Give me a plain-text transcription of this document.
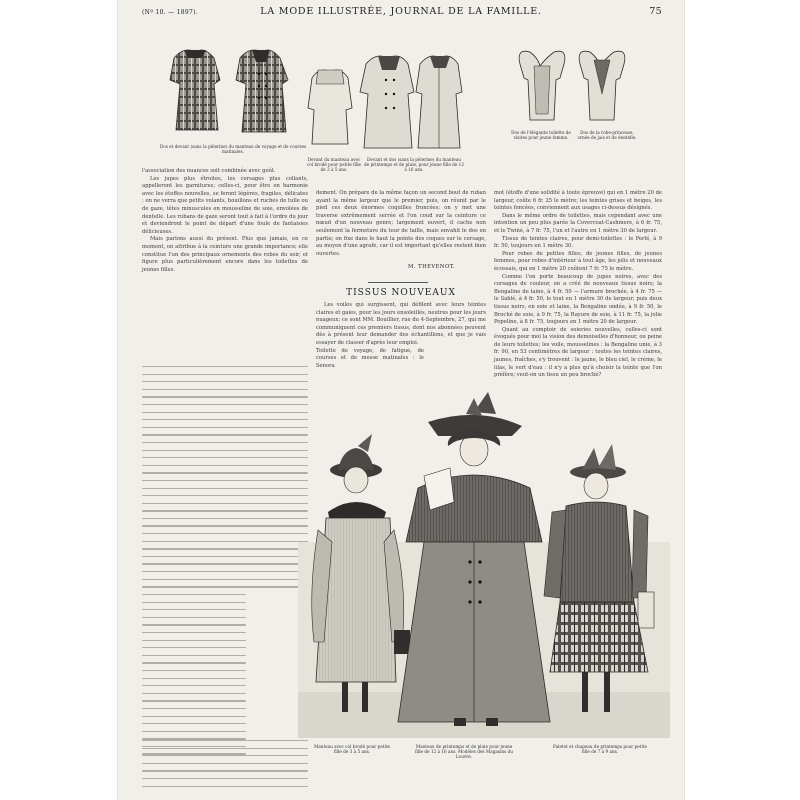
(Nº 10. — 1897).	LA MODE ILLUSTRÉE, JOURNAL DE LA FAMILLE.	75
Dos et devant (sans la pèlerine) du manteau de voyage et de courses matinales.
Devant du manteau avec col brodé pour petite fille de 3 à 5 ans.
Devant et dos (sans la pèlerine) du manteau de printemps et de pluie, pour jeune fille de 12 à 16 ans.
Dos de l'élégante toilette de visites pour jeune femme.
Dos de la robe-princesse, ornée de jais et de dentelle.
l'association des nuances soit combinée avec goût.

Les jupes plus étroites, les corsages plus collants, appelleront les garnitures; celles-ci, pour être en harmonie avec les étoffes nouvelles, se feront légères, fragiles, délicates : on ne verra que petits volants, bouillons et ruches de tulle ou de gaze, têtes minuscules en mousseline de soie, envolées de dentelle. Les rubans de gaze seront tout à fait à l'ordre du jour et deviendront le point de départ d'une foule de fantaisies délicieuses.

Mais parlons aussi du présent. Plus que jamais, en ce moment, on attribue à la ceinture une grande importance; elle constitue l'un des principaux ornements des robes du soir, et figure plus particulièrement encore dans les toilettes de jeunes filles.

dement. On prépare de la même façon un second bout de ruban ayant la même largeur que le premier, puis, on réunit par le pied ces deux énormes coquilles froncées; on y met une traverse extrêmement serrée et l'on coud sur la ceinture ce nœud d'un nouveau genre; largement ouvert, il cache non seulement la fermeture du tour de taille, mais envahit le dos en partie; on fixe dans le haut la pointe des coques sur le corsage, au moyen d'une agrafe, car il est important qu'elles restent bien ouvertes.
M. THEVENOT.
TISSUS NOUVEAUX

Les voiles qui surgissent, qui défilent avec leurs teintes claires et gaies, pour les jours ensoleillés, neutres pour les jours nuageux; ce sont MM. Bouillier, rue du 4-Septembre, 27, qui me communiquent ces premiers tissus, dont nos abonnées peuvent dès à présent leur demander des échantillons, et que je vais essayer de classer d'après leur emploi.

Toilette de voyage, de fatigue, de courses et de messe matinales : le Senora
mot (étoffe d'une solidité à toute épreuve) qui en 1 mètre 20 de largeur, coûte 6 fr. 25 le mètre; les teintes grises et beiges, les teintes foncées, conviennent aux usages ci-dessus désignés.

Dans le même ordre de toilettes, mais cependant avec une intention un peu plus parée la Covercoat-Cashmere, à 6 fr. 75, et le Twiné, à 7 fr. 75, l'un et l'autre en 1 mètre 30 de largeur.

Tissus de teintes claires, pour demi-toilettes : le Perlé, à 9 fr. 50, toujours en 1 mètre 30.

Pour robes de petites filles, de jeunes filles, de jeunes femmes, pour robes d'intérieur à tout âge, les jolis et nouveaux écossais, qui en 1 mètre 20 coûtent 7 fr. 75 le mètre.

Comme l'on porte beaucoup de jupes noires, avec des corsages de couleur, on a créé de nouveaux tissus noirs; la Bengaline de laine, à 4 fr. 50 — l'armure brochée, à 4 fr. 75 — le Sablé, à 4 fr. 50, le tout en 1 mètre 30 de largeur; puis deux tissus noirs, en soie et laine, la Bengaline ondée, à 9 fr. 50, le Broché de soie, à 9 fr. 75, la Rayure de soie, à 11 fr. 75, la jolie Popeline, à 8 fr. 75, toujours en 1 mètre 20 de largeur.

Quant au comptoir de soieries nouvelles, celles-ci sont évoqués pour moi la vision des demoiselles d'honneur, ou peine de leurs toilettes; les voile, mousselines : la Bengaline unie, à 3 fr. 90, en 53 centimètres de largeur : toutes les teintes claires, jaunes, fraîches, s'y trouvent : le jaune, le bleu ciel, le crème, le lilas, le vert d'eau : il n'y a plus qu'à choisir la teinte que l'on préfère; veut-on un tissu un peu broché?

Manteau avec col brodé pour petite fille de 3 à 5 ans.
Manteau de printemps et de pluie pour jeune fille de 12 à 16 ans. Modèles des Magasins du Louvre.
Paletot et chapeau de printemps pour petite fille de 7 à 9 ans.
